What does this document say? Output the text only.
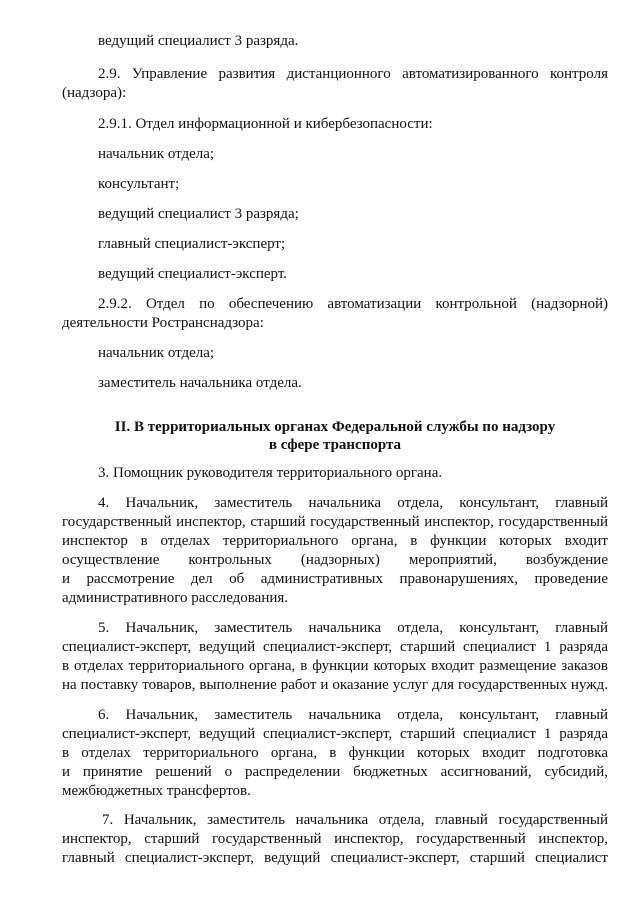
ведущий специалист 3 разряда.
2.9. Управление развития дистанционного автоматизированного контроля
(надзора):
2.9.1. Отдел информационной и кибербезопасности:
начальник отдела;
консультант;
ведущий специалист 3 разряда;
главный специалист-эксперт;
ведущий специалист-эксперт.
2.9.2. Отдел по обеспечению автоматизации контрольной (надзорной)
деятельности Ространснадзора:
начальник отдела;
заместитель начальника отдела.
II. В территориальных органах Федеральной службы по надзору
в сфере транспорта
3. Помощник руководителя территориального органа.
4. Начальник, заместитель начальника отдела, консультант, главный
государственный инспектор, старший государственный инспектор, государственный
инспектор в отделах территориального органа, в функции которых входит
осуществление контрольных (надзорных) мероприятий, возбуждение
и рассмотрение дел об административных правонарушениях, проведение
административного расследования.
5. Начальник, заместитель начальника отдела, консультант, главный
специалист-эксперт, ведущий специалист-эксперт, старший специалист 1 разряда
в отделах территориального органа, в функции которых входит размещение заказов
на поставку товаров, выполнение работ и оказание услуг для государственных нужд.
6. Начальник, заместитель начальника отдела, консультант, главный
специалист-эксперт, ведущий специалист-эксперт, старший специалист 1 разряда
в отделах территориального органа, в функции которых входит подготовка
и принятие решений о распределении бюджетных ассигнований, субсидий,
межбюджетных трансфертов.
7. Начальник, заместитель начальника отдела, главный государственный
инспектор, старший государственный инспектор, государственный инспектор,
главный специалист-эксперт, ведущий специалист-эксперт, старший специалист
